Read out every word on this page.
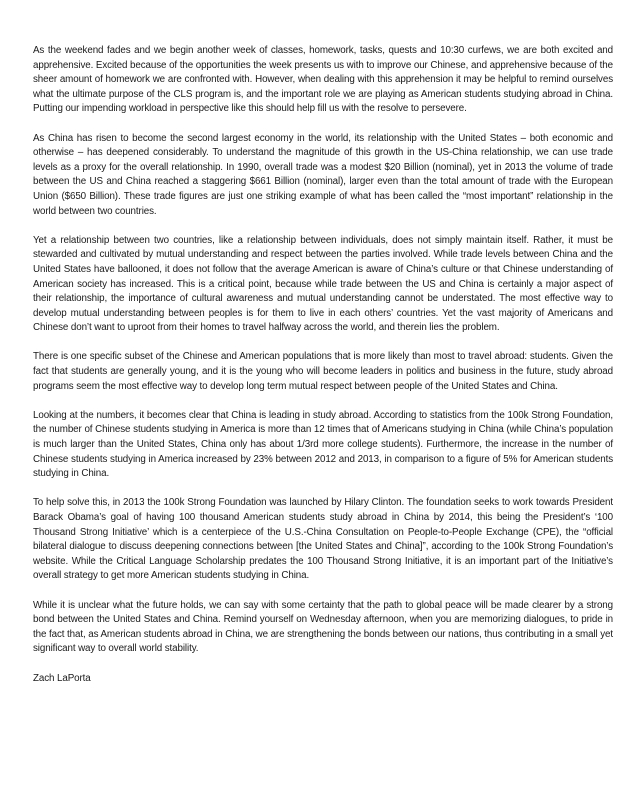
As the weekend fades and we begin another week of classes, homework, tasks, quests and 10:30 curfews, we are both excited and apprehensive. Excited because of the opportunities the week presents us with to improve our Chinese, and apprehensive because of the sheer amount of homework we are confronted with. However, when dealing with this apprehension it may be helpful to remind ourselves what the ultimate purpose of the CLS program is, and the important role we are playing as American students studying abroad in China. Putting our impending workload in perspective like this should help fill us with the resolve to persevere.

As China has risen to become the second largest economy in the world, its relationship with the United States – both economic and otherwise – has deepened considerably. To understand the magnitude of this growth in the US-China relationship, we can use trade levels as a proxy for the overall relationship. In 1990, overall trade was a modest $20 Billion (nominal), yet in 2013 the volume of trade between the US and China reached a staggering $661 Billion (nominal), larger even than the total amount of trade with the European Union ($650 Billion). These trade figures are just one striking example of what has been called the “most important” relationship in the world between two countries.

Yet a relationship between two countries, like a relationship between individuals, does not simply maintain itself. Rather, it must be stewarded and cultivated by mutual understanding and respect between the parties involved. While trade levels between China and the United States have ballooned, it does not follow that the average American is aware of China’s culture or that Chinese understanding of American society has increased. This is a critical point, because while trade between the US and China is certainly a major aspect of their relationship, the importance of cultural awareness and mutual understanding cannot be understated. The most effective way to develop mutual understanding between peoples is for them to live in each others’ countries. Yet the vast majority of Americans and Chinese don’t want to uproot from their homes to travel halfway across the world, and therein lies the problem.

There is one specific subset of the Chinese and American populations that is more likely than most to travel abroad: students. Given the fact that students are generally young, and it is the young who will become leaders in politics and business in the future, study abroad programs seem the most effective way to develop long term mutual respect between people of the United States and China.

Looking at the numbers, it becomes clear that China is leading in study abroad. According to statistics from the 100k Strong Foundation, the number of Chinese students studying in America is more than 12 times that of Americans studying in China (while China’s population is much larger than the United States, China only has about 1/3rd more college students). Furthermore, the increase in the number of Chinese students studying in America increased by 23% between 2012 and 2013, in comparison to a figure of 5% for American students studying in China.

To help solve this, in 2013 the 100k Strong Foundation was launched by Hilary Clinton. The foundation seeks to work towards President Barack Obama’s goal of having 100 thousand American students study abroad in China by 2014, this being the President’s ‘100 Thousand Strong Initiative’ which is a centerpiece of the U.S.-China Consultation on People-to-People Exchange (CPE), the “official bilateral dialogue to discuss deepening connections between [the United States and China]”, according to the 100k Strong Foundation’s website. While the Critical Language Scholarship predates the 100 Thousand Strong Initiative, it is an important part of the Initiative’s overall strategy to get more American students studying in China.

While it is unclear what the future holds, we can say with some certainty that the path to global peace will be made clearer by a strong bond between the United States and China. Remind yourself on Wednesday afternoon, when you are memorizing dialogues, to pride in the fact that, as American students abroad in China, we are strengthening the bonds between our nations, thus contributing in a small yet significant way to overall world stability.

Zach LaPorta
